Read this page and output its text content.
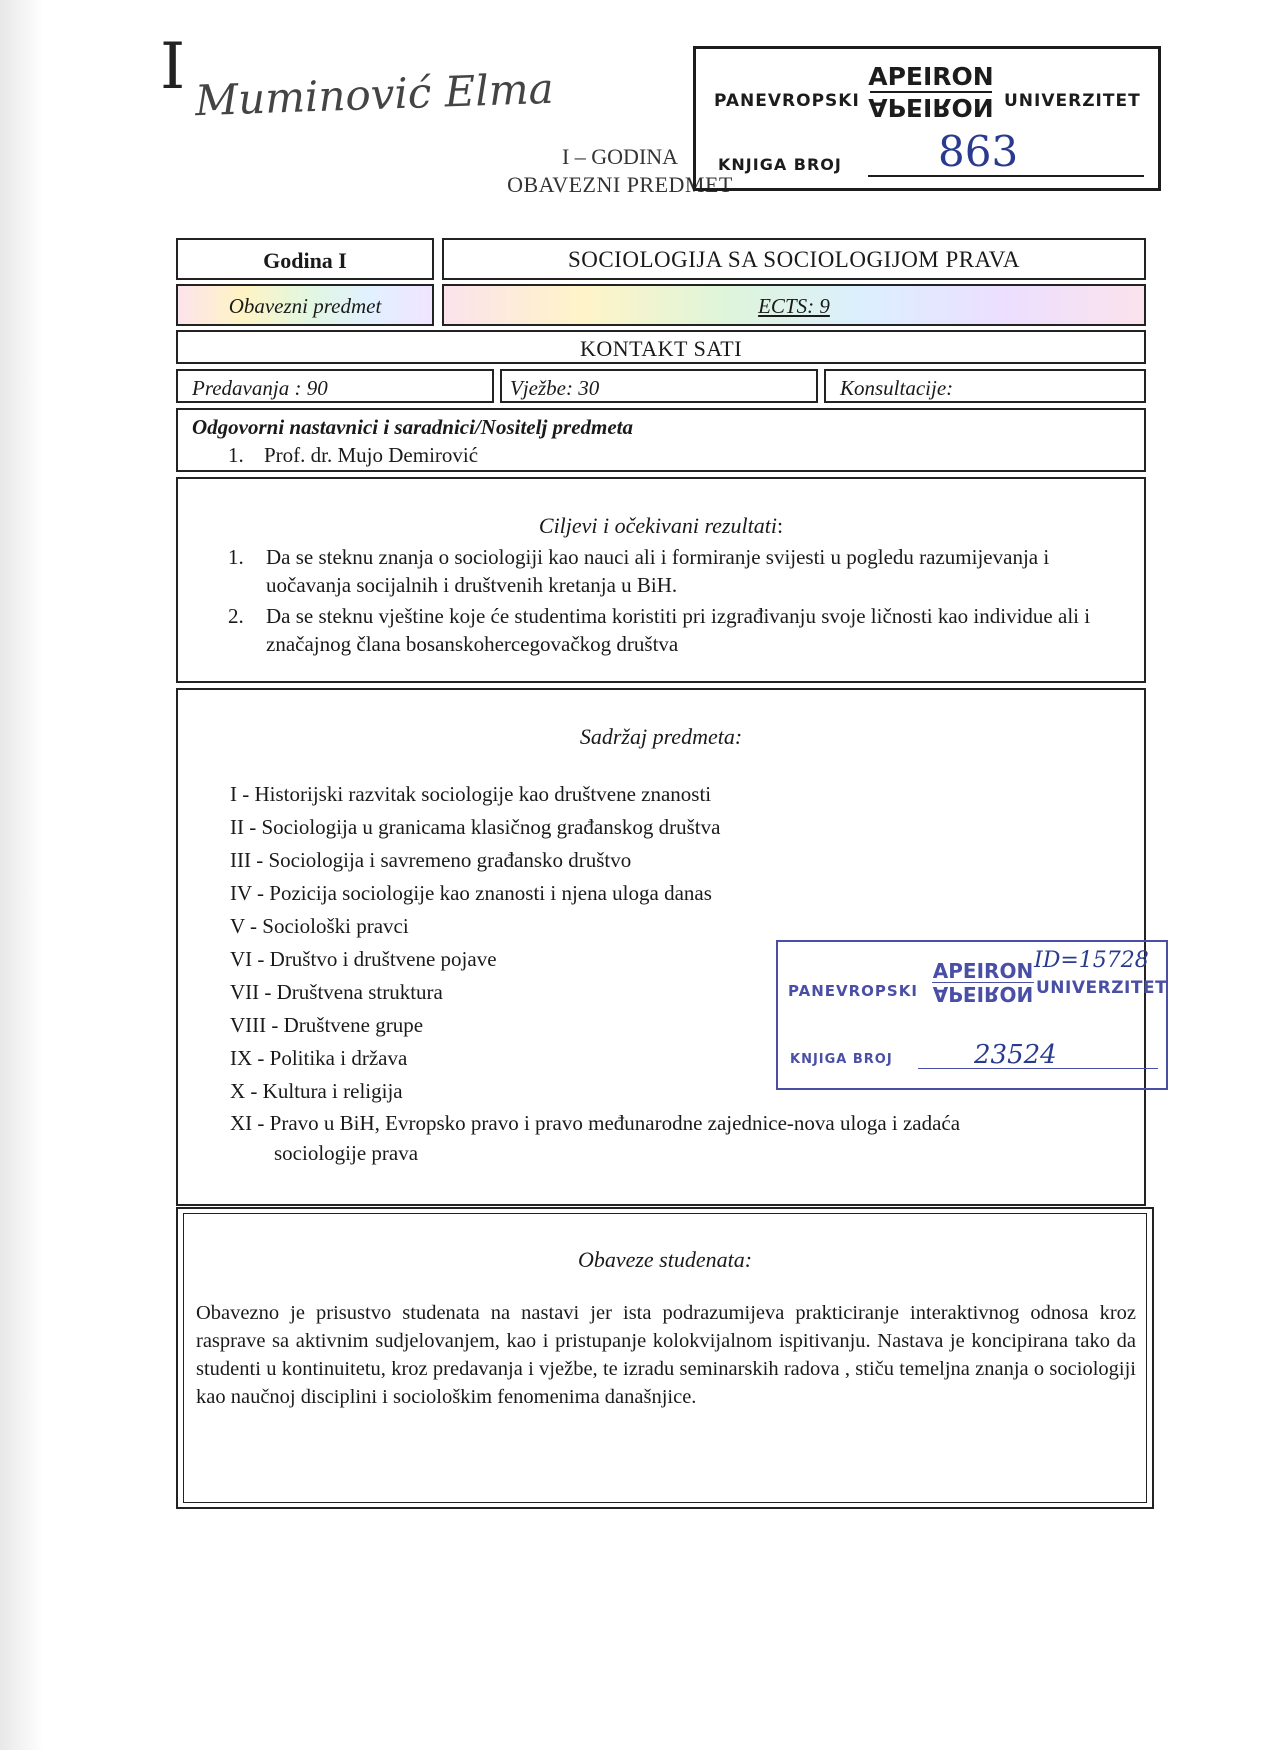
I Muminović Elma
I – GODINA
OBAVEZNI PREDMET
PANEVROPSKI
APEIRON
APEIRON UNIVERZITET
KNJIGA BROJ 863
Godina I	SOCIOLOGIJA SA SOCIOLOGIJOM PRAVA
Obavezni predmet	ECTS: 9
KONTAKT SATI
Predavanja : 90	Vježbe: 30	Konsultacije:
Odgovorni nastavnici i saradnici/Nositelj predmeta
1. Prof. dr. Mujo Demirović
Ciljevi i očekivani rezultati:
1. Da se steknu znanja o sociologiji kao nauci ali i formiranje svijesti u pogledu razumijevanja i uočavanja socijalnih i društvenih kretanja u BiH.
2. Da se steknu vještine koje će studentima koristiti pri izgrađivanju svoje ličnosti kao individue ali i značajnog člana bosanskohercegovačkog društva
Sadržaj predmeta:
I - Historijski razvitak sociologije kao društvene znanosti
II - Sociologija u granicama klasičnog građanskog društva
III - Sociologija i savremeno građansko društvo
IV - Pozicija sociologije kao znanosti i njena uloga danas
V - Sociološki pravci
VI - Društvo i društvene pojave
VII - Društvena struktura
VIII - Društvene grupe
IX - Politika i država
X - Kultura i religija
XI - Pravo u BiH, Evropsko pravo i pravo međunarodne zajednice-nova uloga i zadaća
sociologije prava
PANEVROPSKI
APEIRON
APEIRON UNIVERZITET
ID=15728
KNJIGA BROJ	23524
Obaveze studenata:
Obavezno je prisustvo studenata na nastavi jer ista podrazumijeva prakticiranje interaktivnog odnosa kroz rasprave sa aktivnim sudjelovanjem, kao i pristupanje kolokvijalnom ispitivanju. Nastava je koncipirana tako da studenti u kontinuitetu, kroz predavanja i vježbe, te izradu seminarskih radova , stiču temeljna znanja o sociologiji kao naučnoj disciplini i sociološkim fenomenima današnjice.
